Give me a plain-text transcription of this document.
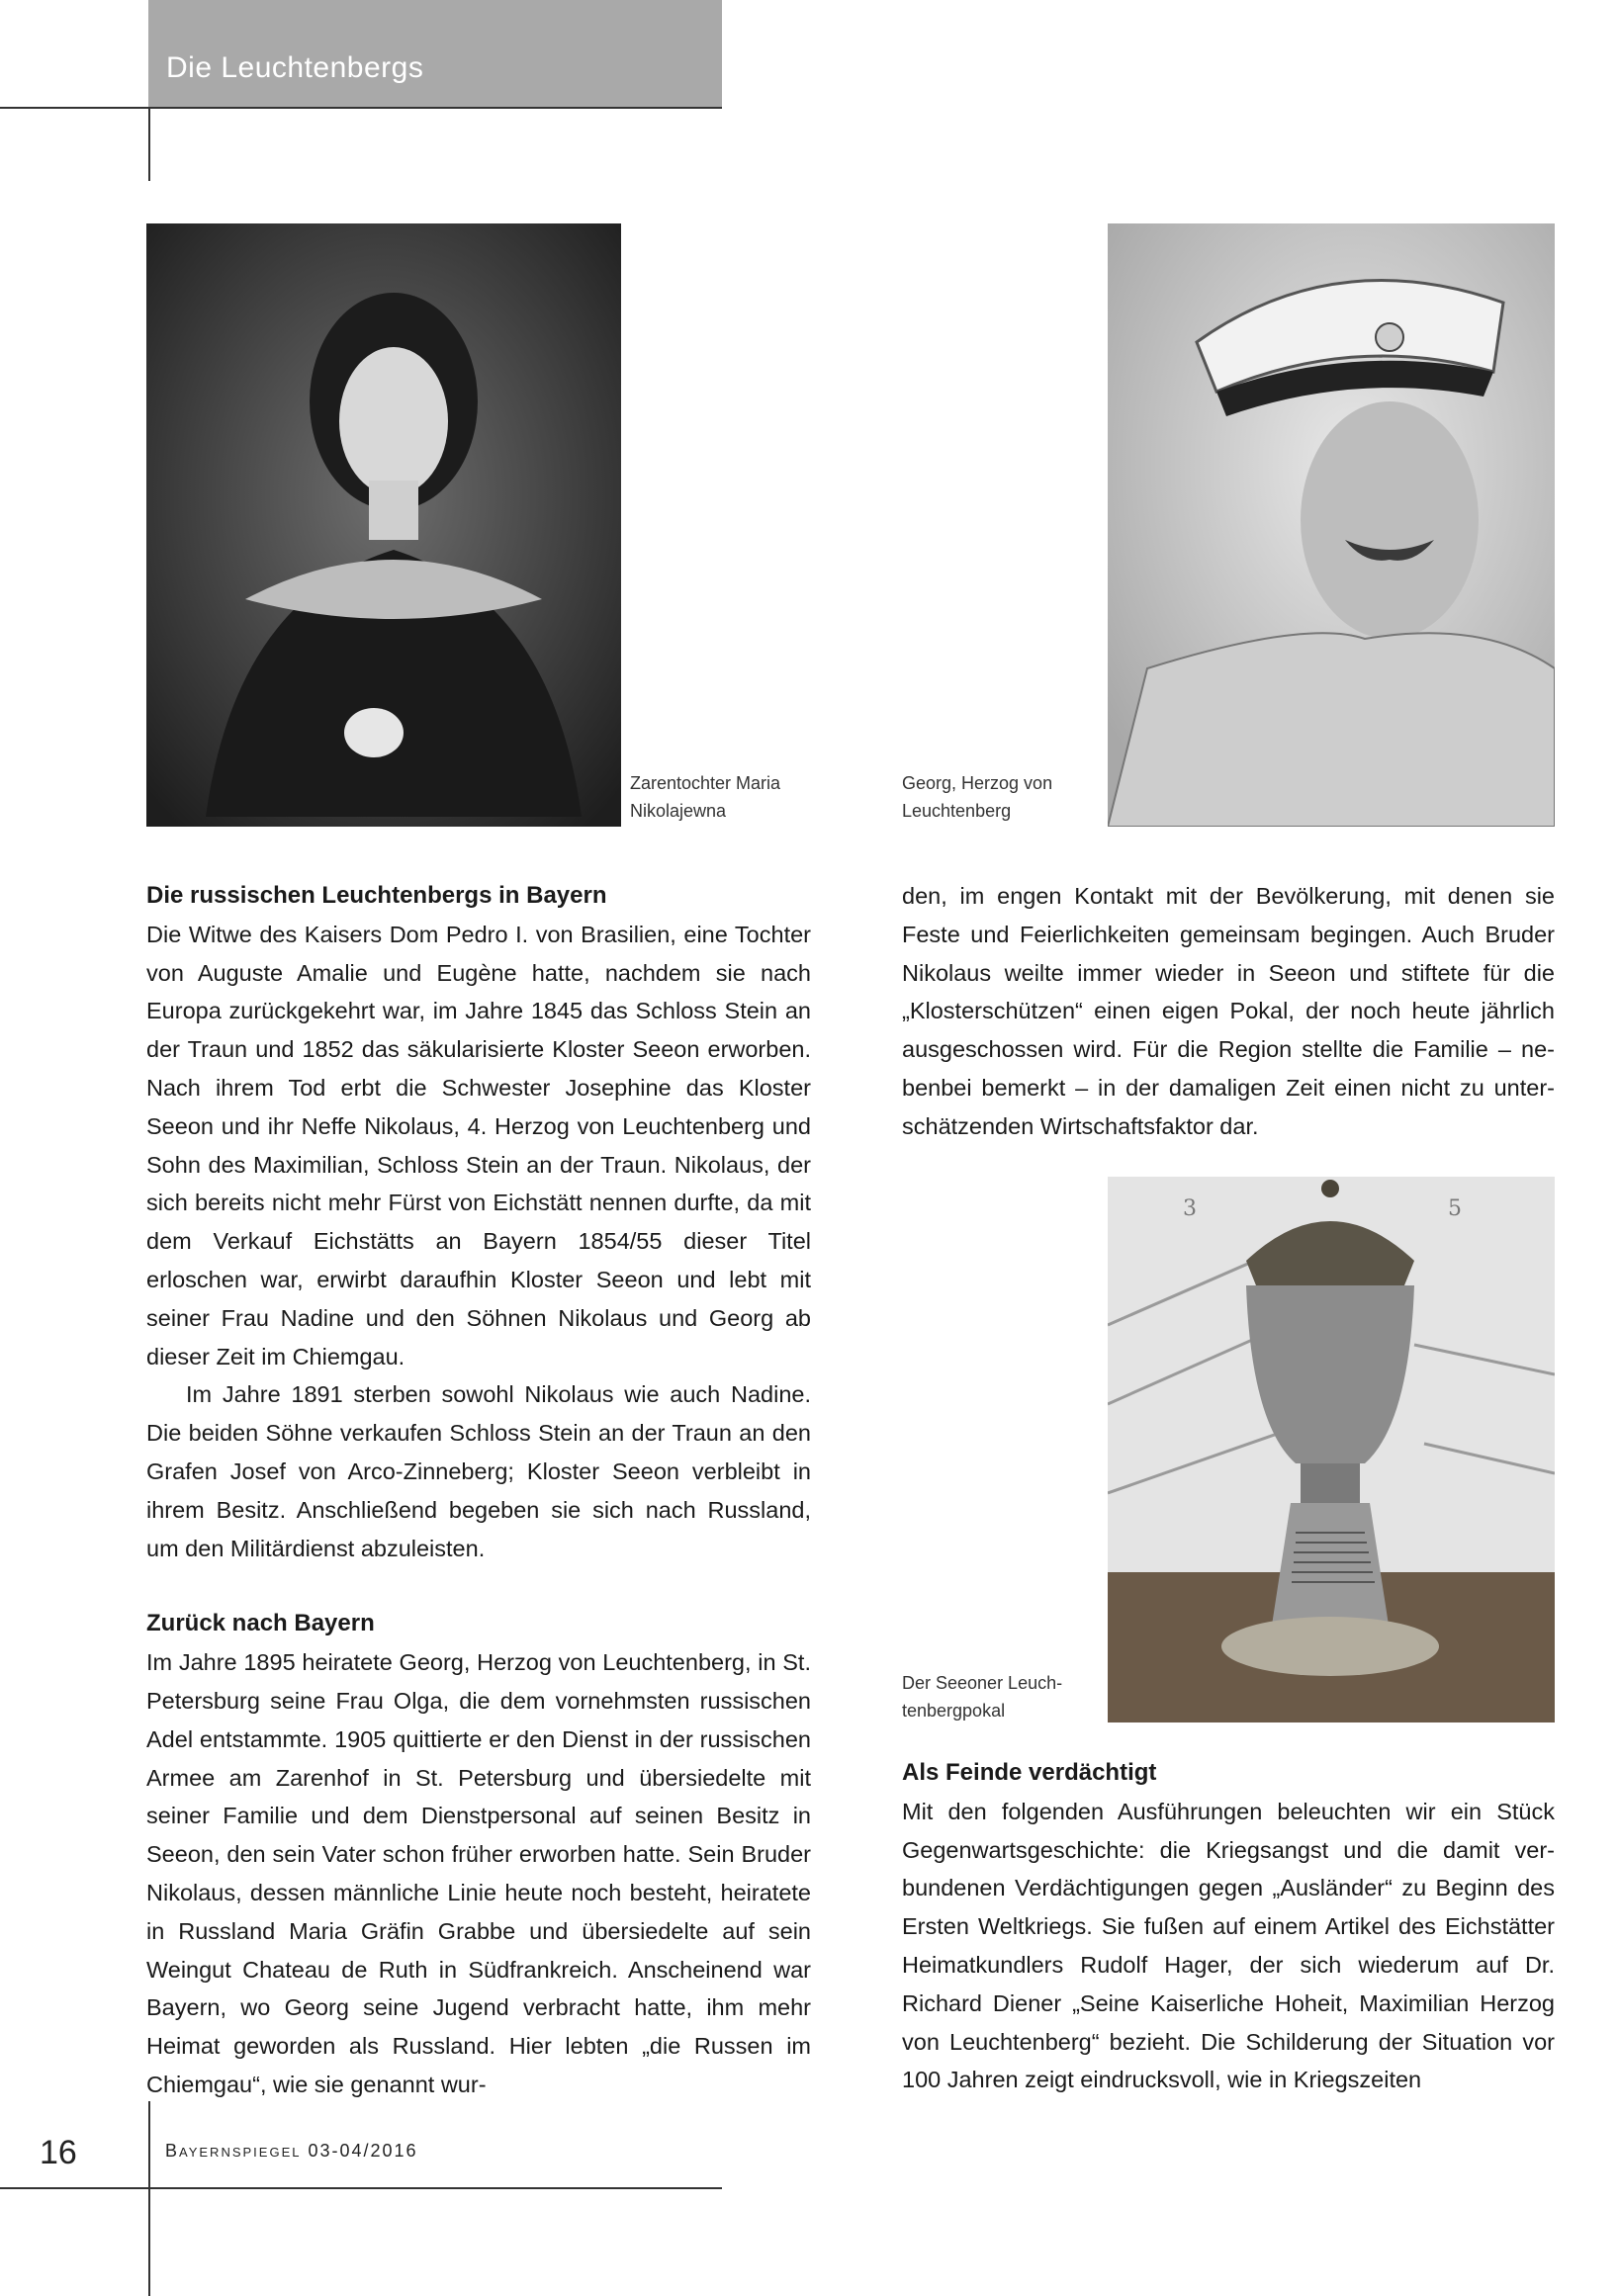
Die Leuchtenbergs
Zarentochter Maria
Nikolajewna
Georg, Herzog von
Leuchtenberg
Die russischen Leuchtenbergs in Bayern

Die Witwe des Kaisers Dom Pedro I. von Brasilien, eine Tochter von Auguste Amalie und Eugène hatte, nachdem sie nach Europa zurückgekehrt war, im Jahre 1845 das Schloss Stein an der Traun und 1852 das säkularisierte Kloster Seeon erworben. Nach ihrem Tod erbt die Schwester Josephine das Kloster Seeon und ihr Neffe Nikolaus, 4. Herzog von Leuchtenberg und Sohn des Maximilian, Schloss Stein an der Traun. Nikolaus, der sich bereits nicht mehr Fürst von Eichstätt nennen durfte, da mit dem Verkauf Eichstätts an Bayern 1854/55 dieser Titel erloschen war, erwirbt daraufhin Kloster Seeon und lebt mit seiner Frau Nadine und den Söhnen Nikolaus und Georg ab dieser Zeit im Chiemgau.

Im Jahre 1891 sterben sowohl Nikolaus wie auch Nadine. Die beiden Söhne verkaufen Schloss Stein an der Traun an den Grafen Josef von Arco-Zinneberg; Kloster Seeon verbleibt in ihrem Besitz. Anschließend begeben sie sich nach Russland, um den Militärdienst abzuleisten.

Zurück nach Bayern

Im Jahre 1895 heiratete Georg, Herzog von Leuchtenberg, in St. Petersburg seine Frau Olga, die dem vornehmsten russischen Adel entstammte. 1905 quittierte er den Dienst in der russischen Armee am Zarenhof in St. Petersburg und übersiedelte mit seiner Familie und dem Dienstpersonal auf seinen Besitz in Seeon, den sein Vater schon früher erworben hatte. Sein Bruder Nikolaus, dessen männliche Linie heute noch besteht, heiratete in Russland Maria Gräfin Grabbe und übersiedelte auf sein Weingut Chateau de Ruth in Südfrankreich. Anscheinend war Bayern, wo Georg seine Jugend verbracht hatte, ihm mehr Heimat geworden als Russland. Hier lebten „die Russen im Chiemgau“, wie sie genannt wur-

den, im engen Kontakt mit der Bevölkerung, mit denen sie Feste und Feierlichkeiten gemeinsam begingen. Auch Bruder Nikolaus weilte immer wieder in Seeon und stiftete für die „Klosterschützen“ einen eigen Pokal, der noch heute jährlich ausgeschossen wird. Für die Region stellte die Familie – nebenbei bemerkt – in der damaligen Zeit einen nicht zu unterschätzenden Wirtschaftsfaktor dar.

3	5
Der Seeoner Leuch-
tenbergpokal
Als Feinde verdächtigt

Mit den folgenden Ausführungen beleuchten wir ein Stück Gegenwartsgeschichte: die Kriegsangst und die damit verbundenen Verdächtigungen gegen „Ausländer“ zu Beginn des Ersten Weltkriegs. Sie fußen auf einem Artikel des Eichstätter Heimatkundlers Rudolf Hager, der sich wiederum auf Dr. Richard Diener „Seine Kaiserliche Hoheit, Maximilian Herzog von Leuchtenberg“ bezieht. Die Schilderung der Situation vor 100 Jahren zeigt eindrucksvoll, wie in Kriegszeiten

16	Bayernspiegel 03-04/2016
